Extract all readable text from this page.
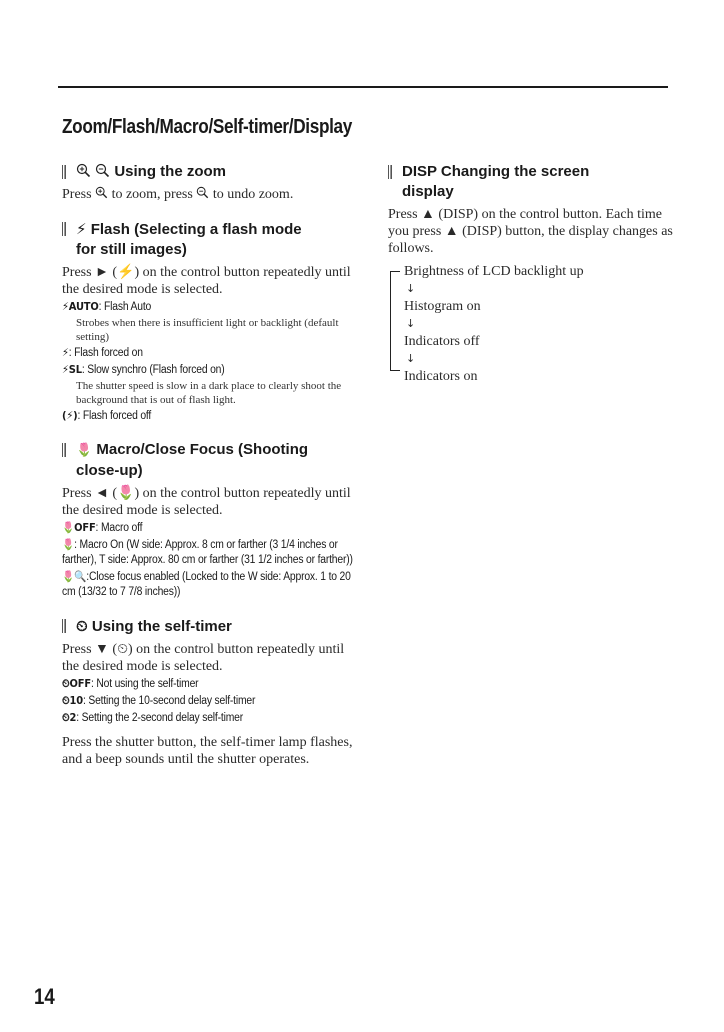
Zoom/Flash/Macro/Self-timer/Display
Using the zoom
Press to zoom, press to undo zoom.
⚡ Flash (Selecting a flash mode
for still images)
Press ► (⚡) on the control button repeatedly until the desired mode is selected.
⚡AUTO: Flash Auto
Strobes when there is insufficient light or backlight (default setting)
⚡: Flash forced on
⚡SL: Slow synchro (Flash forced on)
The shutter speed is slow in a dark place to clearly shoot the background that is out of flash light.
(⚡): Flash forced off
🌷 Macro/Close Focus (Shooting
close-up)
Press ◄ (🌷) on the control button repeatedly until the desired mode is selected.
🌷OFF: Macro off
🌷: Macro On (W side: Approx. 8 cm or farther (3 1/4 inches or farther), T side: Approx. 80 cm or farther (31 1/2 inches or farther))
🌷🔍:Close focus enabled (Locked to the W side: Approx. 1 to 20 cm (13/32 to 7 7/8 inches))
⏲ Using the self-timer
Press ▼ (⏲) on the control button repeatedly until the desired mode is selected.
⏲OFF: Not using the self-timer
⏲10: Setting the 10-second delay self-timer
⏲2: Setting the 2-second delay self-timer
Press the shutter button, the self-timer lamp flashes, and a beep sounds until the shutter operates.
DISP Changing the screen
display
Press ▲ (DISP) on the control button. Each time you press ▲ (DISP) button, the display changes as follows.
Brightness of LCD backlight up
↓
Histogram on
↓
Indicators off
↓
Indicators on
14
